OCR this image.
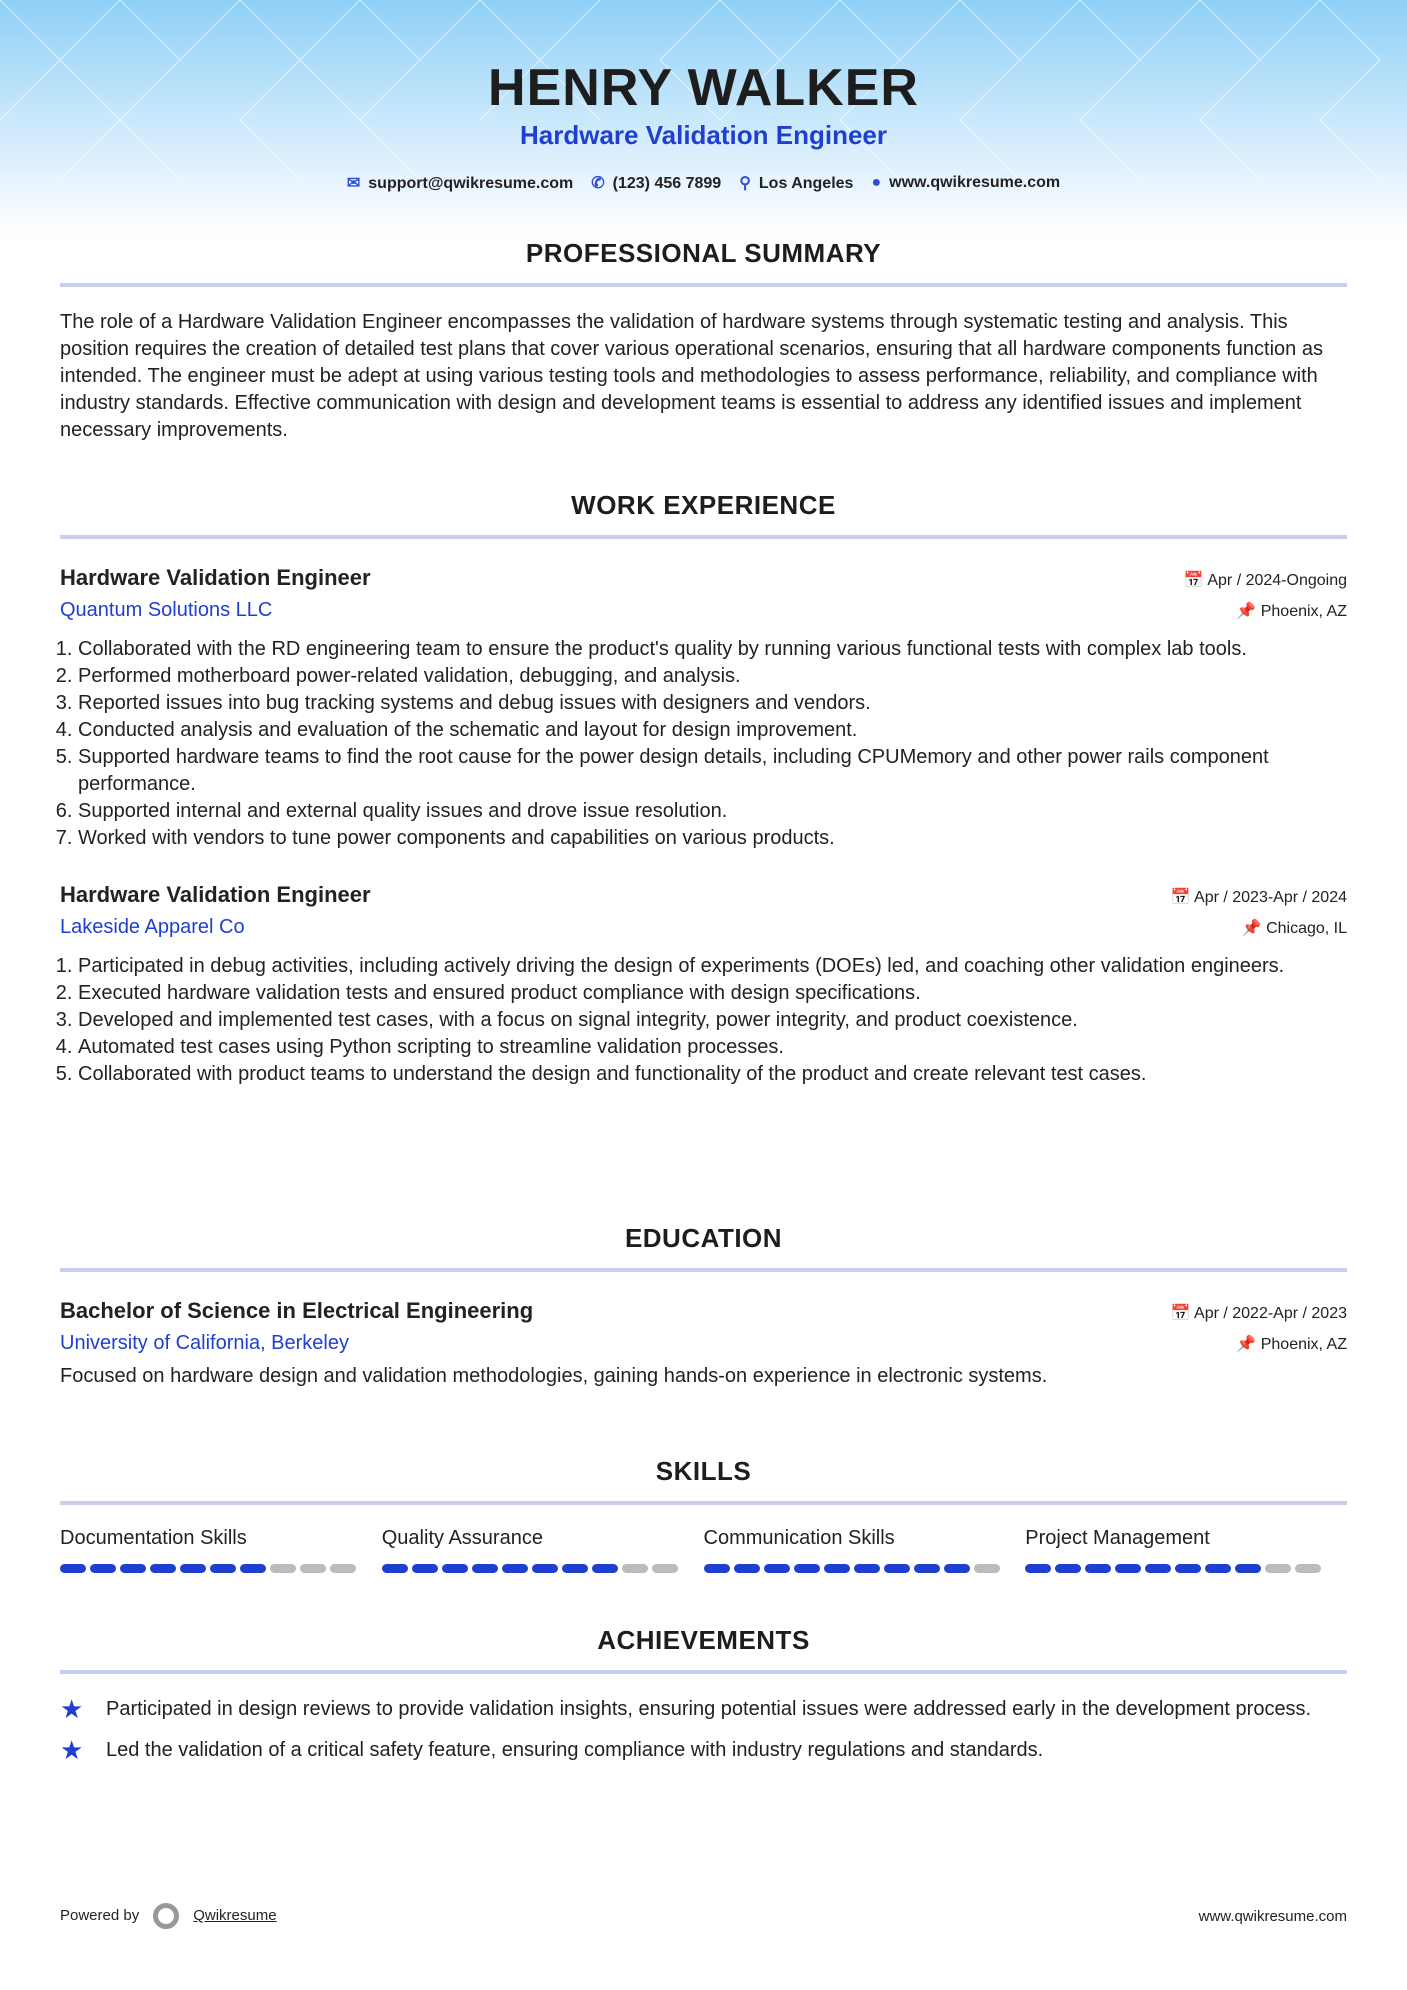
HENRY WALKER
Hardware Validation Engineer
✉ support@qwikresume.com ✆ (123) 456 7899 ⚲ Los Angeles ● www.qwikresume.com
PROFESSIONAL SUMMARY

The role of a Hardware Validation Engineer encompasses the validation of hardware systems through systematic testing and analysis. This position requires the creation of detailed test plans that cover various operational scenarios, ensuring that all hardware components function as intended. The engineer must be adept at using various testing tools and methodologies to assess performance, reliability, and compliance with industry standards. Effective communication with design and development teams is essential to address any identified issues and implement necessary improvements.

WORK EXPERIENCE
Hardware Validation Engineer	📅 Apr / 2024-Ongoing
Quantum Solutions LLC	📌 Phoenix, AZ
1. Collaborated with the RD engineering team to ensure the product's quality by running various functional tests with complex lab tools.
2. Performed motherboard power-related validation, debugging, and analysis.
3. Reported issues into bug tracking systems and debug issues with designers and vendors.
4. Conducted analysis and evaluation of the schematic and layout for design improvement.
5. Supported hardware teams to find the root cause for the power design details, including CPUMemory and other power rails component performance.
6. Supported internal and external quality issues and drove issue resolution.
7. Worked with vendors to tune power components and capabilities on various products.
Hardware Validation Engineer	📅 Apr / 2023-Apr / 2024
Lakeside Apparel Co	📌 Chicago, IL
1. Participated in debug activities, including actively driving the design of experiments (DOEs) led, and coaching other validation engineers.
2. Executed hardware validation tests and ensured product compliance with design specifications.
3. Developed and implemented test cases, with a focus on signal integrity, power integrity, and product coexistence.
4. Automated test cases using Python scripting to streamline validation processes.
5. Collaborated with product teams to understand the design and functionality of the product and create relevant test cases.
EDUCATION
Bachelor of Science in Electrical Engineering	📅 Apr / 2022-Apr / 2023
University of California, Berkeley	📌 Phoenix, AZ

Focused on hardware design and validation methodologies, gaining hands-on experience in electronic systems.

SKILLS
Documentation Skills	Quality Assurance	Communication Skills	Project Management
ACHIEVEMENTS
★	Participated in design reviews to provide validation insights, ensuring potential issues were addressed early in the development process.
★	Led the validation of a critical safety feature, ensuring compliance with industry regulations and standards.
Powered by	Qwikresume	www.qwikresume.com
